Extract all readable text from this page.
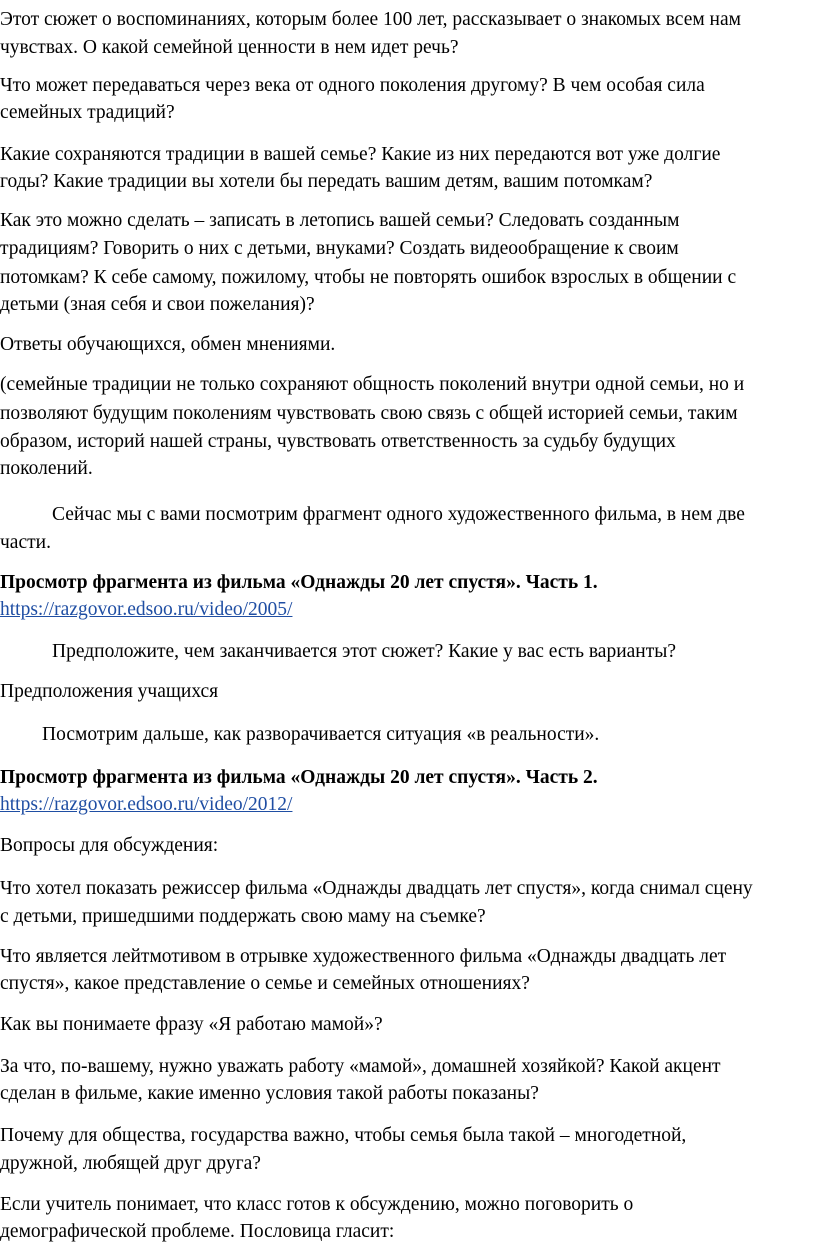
Этот сюжет о воспоминаниях, которым более 100 лет, рассказывает о знакомых всем нам

чувствах. О какой семейной ценности в нем идет речь?

Что может передаваться через века от одного поколения другому? В чем особая сила

семейных традиций?

Какие сохраняются традиции в вашей семье? Какие из них передаются вот уже долгие

годы? Какие традиции вы хотели бы передать вашим детям, вашим потомкам?

Как это можно сделать – записать в летопись вашей семьи? Следовать созданным

традициям? Говорить о них с детьми, внуками? Создать видеообращение к своим

потомкам? К себе самому, пожилому, чтобы не повторять ошибок взрослых в общении с

детьми (зная себя и свои пожелания)?

Ответы обучающихся, обмен мнениями.

(семейные традиции не только сохраняют общность поколений внутри одной семьи, но и

позволяют будущим поколениям чувствовать свою связь с общей историей семьи, таким

образом, историй нашей страны, чувствовать ответственность за судьбу будущих

поколений.

Сейчас мы с вами посмотрим фрагмент одного художественного фильма, в нем две

части.

Просмотр фрагмента из фильма «Однажды 20 лет спустя». Часть 1.

https://razgovor.edsoo.ru/video/2005/

Предположите, чем заканчивается этот сюжет? Какие у вас есть варианты?

Предположения учащихся

Посмотрим дальше, как разворачивается ситуация «в реальности».

Просмотр фрагмента из фильма «Однажды 20 лет спустя». Часть 2.

https://razgovor.edsoo.ru/video/2012/

Вопросы для обсуждения:

Что хотел показать режиссер фильма «Однажды двадцать лет спустя», когда снимал сцену

с детьми, пришедшими поддержать свою маму на съемке?

Что является лейтмотивом в отрывке художественного фильма «Однажды двадцать лет

спустя», какое представление о семье и семейных отношениях?

Как вы понимаете фразу «Я работаю мамой»?

За что, по-вашему, нужно уважать работу «мамой», домашней хозяйкой? Какой акцент

сделан в фильме, какие именно условия такой работы показаны?

Почему для общества, государства важно, чтобы семья была такой – многодетной,

дружной, любящей друг друга?

Если учитель понимает, что класс готов к обсуждению, можно поговорить о

демографической проблеме. Пословица гласит:
